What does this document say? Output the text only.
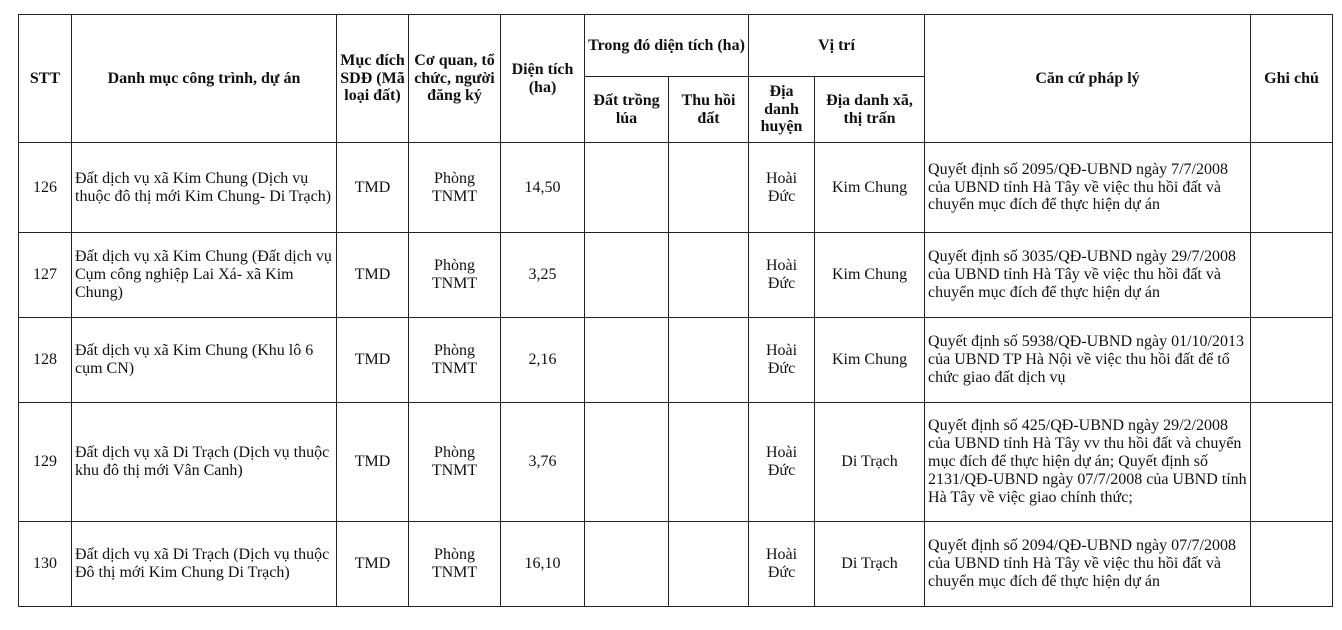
STT	Danh mục công trình, dự án	Mục đích SDĐ (Mã loại đất)	Cơ quan, tổ chức, người đăng ký	Diện tích (ha)	Trong đó diện tích (ha)		Vị trí		Căn cứ pháp lý	Ghi chú
					Đất trồng lúa	Thu hồi đất	Địa danh huyện	Địa danh xã, thị trấn		
126	Đất dịch vụ xã Kim Chung (Dịch vụ thuộc đô thị mới Kim Chung- Di Trạch)	TMD	Phòng TNMT	14,50			Hoài Đức	Kim Chung	Quyết định số 2095/QĐ-UBND ngày 7/7/2008 của UBND tỉnh Hà Tây về việc thu hồi đất và chuyển mục đích để thực hiện dự án	
127	Đất dịch vụ xã Kim Chung (Đất dịch vụ Cụm công nghiệp Lai Xá- xã Kim Chung)	TMD	Phòng TNMT	3,25			Hoài Đức	Kim Chung	Quyết định số 3035/QĐ-UBND ngày 29/7/2008 của UBND tỉnh Hà Tây về việc thu hồi đất và chuyển mục đích để thực hiện dự án	
128	Đất dịch vụ xã Kim Chung (Khu lô 6 cụm CN)	TMD	Phòng TNMT	2,16			Hoài Đức	Kim Chung	Quyết định số 5938/QĐ-UBND ngày 01/10/2013 của UBND TP Hà Nội về việc thu hồi đất để tổ chức giao đất dịch vụ	
129	Đất dịch vụ xã Di Trạch (Dịch vụ thuộc khu đô thị mới Vân Canh)	TMD	Phòng TNMT	3,76			Hoài Đức	Di Trạch	Quyết định số 425/QĐ-UBND ngày 29/2/2008 của UBND tỉnh Hà Tây vv thu hồi đất và chuyển mục đích để thực hiện dự án; Quyết định số 2131/QĐ-UBND ngày 07/7/2008 của UBND tỉnh Hà Tây về việc giao chính thức;	
130	Đất dịch vụ xã Di Trạch (Dịch vụ thuộc Đô thị mới Kim Chung Di Trạch)	TMD	Phòng TNMT	16,10			Hoài Đức	Di Trạch	Quyết định số 2094/QĐ-UBND ngày 07/7/2008 của UBND tỉnh Hà Tây về việc thu hồi đất và chuyển mục đích để thực hiện dự án	
